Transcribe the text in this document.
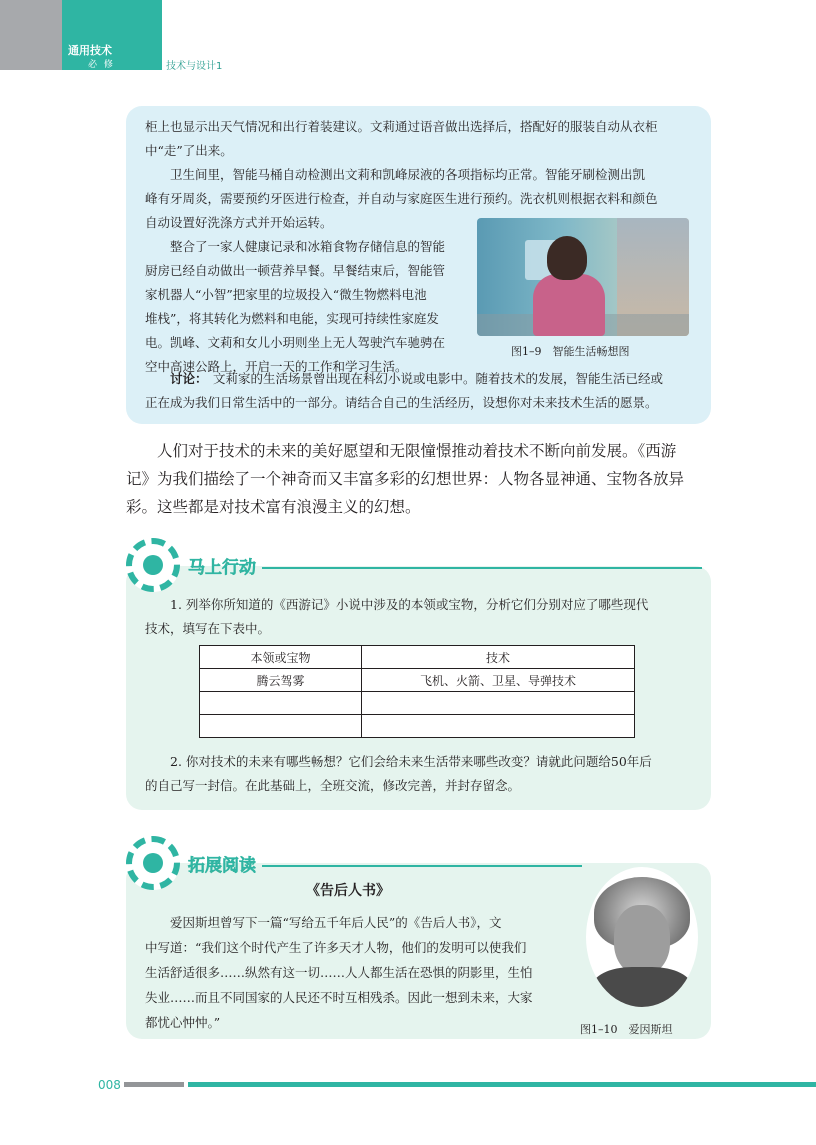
通用技术
必 修	技术与设计1
柜上也显示出天气情况和出行着装建议。文莉通过语音做出选择后，搭配好的服装自动从衣柜
中“走”了出来。
　　卫生间里，智能马桶自动检测出文莉和凯峰尿液的各项指标均正常。智能牙刷检测出凯
峰有牙周炎，需要预约牙医进行检查，并自动与家庭医生进行预约。洗衣机则根据衣料和颜色
自动设置好洗涤方式并开始运转。
　　整合了一家人健康记录和冰箱食物存储信息的智能
厨房已经自动做出一顿营养早餐。早餐结束后，智能管
家机器人“小智”把家里的垃圾投入“微生物燃料电池
堆栈”，将其转化为燃料和电能，实现可持续性家庭发
电。凯峰、文莉和女儿小玥则坐上无人驾驶汽车驰骋在
空中高速公路上，开启一天的工作和学习生活。
图1–9　智能生活畅想图
讨论： 文莉家的生活场景曾出现在科幻小说或电影中。随着技术的发展，智能生活已经或
正在成为我们日常生活中的一部分。请结合自己的生活经历，设想你对未来技术生活的愿景。
　　人们对于技术的未来的美好愿望和无限憧憬推动着技术不断向前发展。《西游
记》为我们描绘了一个神奇而又丰富多彩的幻想世界：人物各显神通、宝物各放异
彩。这些都是对技术富有浪漫主义的幻想。
马上行动
1. 列举你所知道的《西游记》小说中涉及的本领或宝物，分析它们分别对应了哪些现代
技术，填写在下表中。
本领或宝物	技术
腾云驾雾	飞机、火箭、卫星、导弹技术

2. 你对技术的未来有哪些畅想？它们会给未来生活带来哪些改变？请就此问题给50年后
的自己写一封信。在此基础上，全班交流，修改完善，并封存留念。
拓展阅读
《告后人书》
　　爱因斯坦曾写下一篇“写给五千年后人民”的《告后人书》，文
中写道：“我们这个时代产生了许多天才人物，他们的发明可以使我们
生活舒适很多……纵然有这一切……人人都生活在恐惧的阴影里，生怕
失业……而且不同国家的人民还不时互相残杀。因此一想到未来，大家
都忧心忡忡。”	图1–10　爱因斯坦
008
